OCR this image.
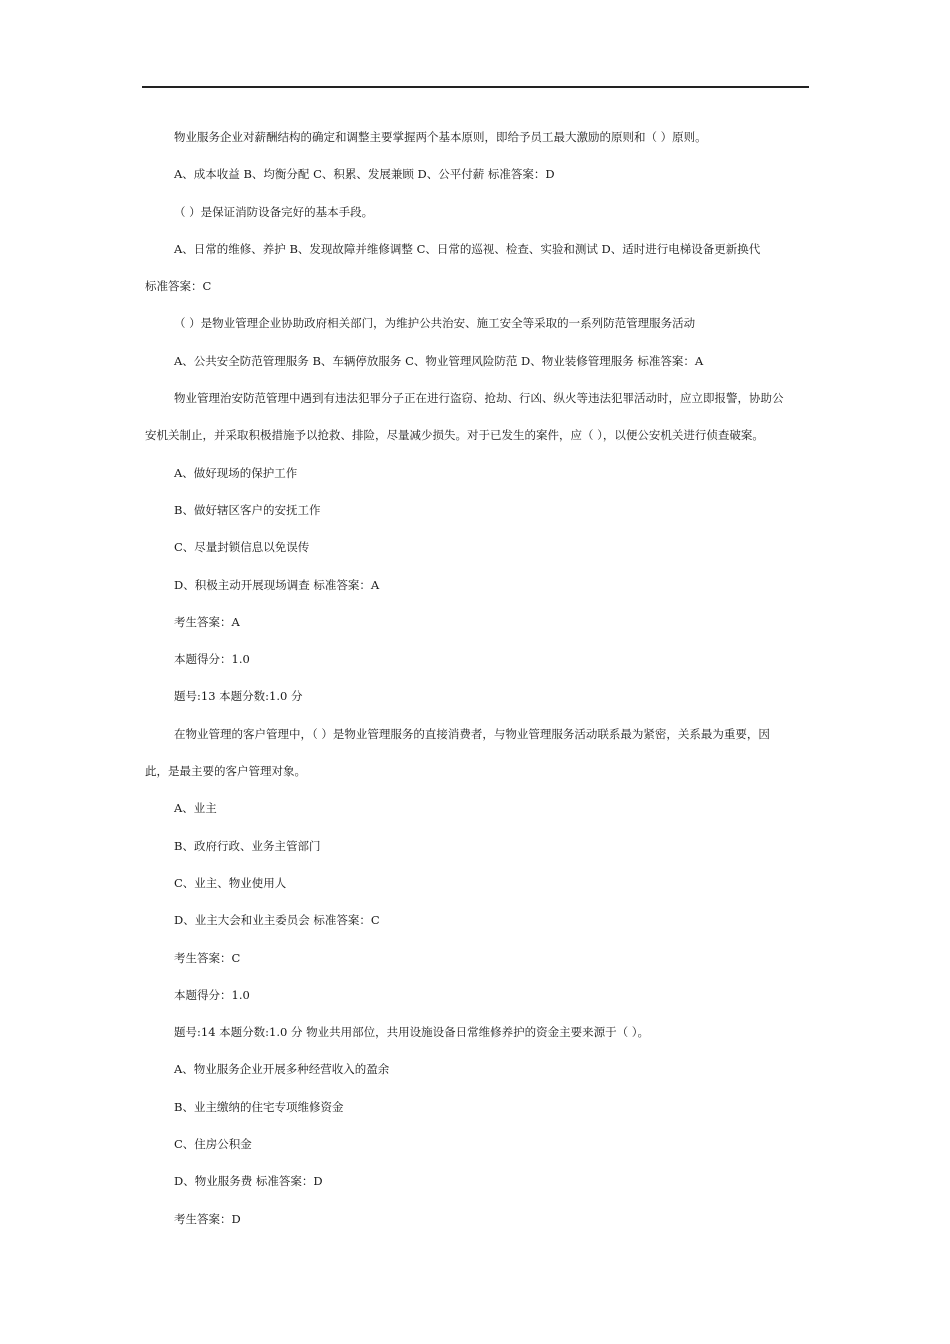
物业服务企业对薪酬结构的确定和调整主要掌握两个基本原则，即给予员工最大激励的原则和（ ）原则。
A、成本收益 B、均衡分配 C、积累、发展兼顾 D、公平付薪 标准答案：D
（ ）是保证消防设备完好的基本手段。
A、日常的维修、养护 B、发现故障并维修调整 C、日常的巡视、检查、实验和测试 D、适时进行电梯设备更新换代
标准答案：C
（ ）是物业管理企业协助政府相关部门，为维护公共治安、施工安全等采取的一系列防范管理服务活动
A、公共安全防范管理服务 B、车辆停放服务 C、物业管理风险防范 D、物业装修管理服务 标准答案：A
物业管理治安防范管理中遇到有违法犯罪分子正在进行盗窃、抢劫、行凶、纵火等违法犯罪活动时，应立即报警，协助公
安机关制止，并采取积极措施予以抢救、排险，尽量减少损失。对于已发生的案件，应（ ），以便公安机关进行侦查破案。
A、做好现场的保护工作
B、做好辖区客户的安抚工作
C、尽量封锁信息以免误传
D、积极主动开展现场调查 标准答案：A
考生答案：A
本题得分：1.0
题号:13 本题分数:1.0 分
在物业管理的客户管理中，（ ）是物业管理服务的直接消费者，与物业管理服务活动联系最为紧密，关系最为重要，因
此，是最主要的客户管理对象。
A、业主
B、政府行政、业务主管部门
C、业主、物业使用人
D、业主大会和业主委员会 标准答案：C
考生答案：C
本题得分：1.0
题号:14 本题分数:1.0 分 物业共用部位，共用设施设备日常维修养护的资金主要来源于（ ）。
A、物业服务企业开展多种经营收入的盈余
B、业主缴纳的住宅专项维修资金
C、住房公积金
D、物业服务费 标准答案：D
考生答案：D
